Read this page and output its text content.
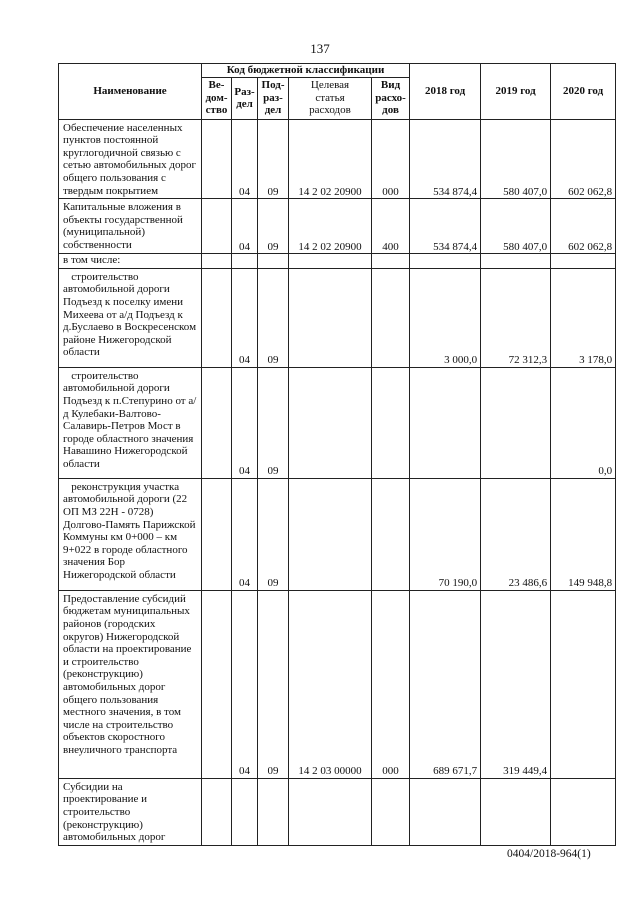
137
Наименование	Код бюджетной классификации					2018 год	2019 год	2020 год
	Ве-
дом-
ство	Раз-
дел	Под-
раз-
дел	Целевая
статья
расходов	Вид
расхо-
дов			
Обеспечение населенных пунктов постоянной круглогодичной связью с сетью автомобильных дорог общего пользования с твердым покрытием		04	09	14 2 02 20900	000	534 874,4	580 407,0	602 062,8
Капитальные вложения в объекты государственной (муниципальной) собственности		04	09	14 2 02 20900	400	534 874,4	580 407,0	602 062,8
в том числе:								
строительство автомобильной дороги Подъезд к поселку имени Михеева от а/д Подъезд к д.Буслаево в Воскресенском районе Нижегородской области		04	09			3 000,0	72 312,3	3 178,0
строительство автомобильной дороги Подъезд к п.Степурино от а/д Кулебаки-Валтово-Салавирь-Петров Мост в городе областного значения Навашино Нижегородской области		04	09					0,0
реконструкция участка автомобильной дороги (22 ОП МЗ 22Н - 0728) Долгово-Память Парижской Коммуны км 0+000 – км 9+022 в городе областного значения Бор Нижегородской области		04	09			70 190,0	23 486,6	149 948,8
Предоставление субсидий бюджетам муниципальных районов (городских округов) Нижегородской области на проектирование и строительство (реконструкцию) автомобильных дорог общего пользования местного значения, в том числе на строительство объектов скоростного внеуличного транспорта		04	09	14 2 03 00000	000	689 671,7	319 449,4	
Субсидии на проектирование и строительство (реконструкцию) автомобильных дорог								
0404/2018-964(1)
